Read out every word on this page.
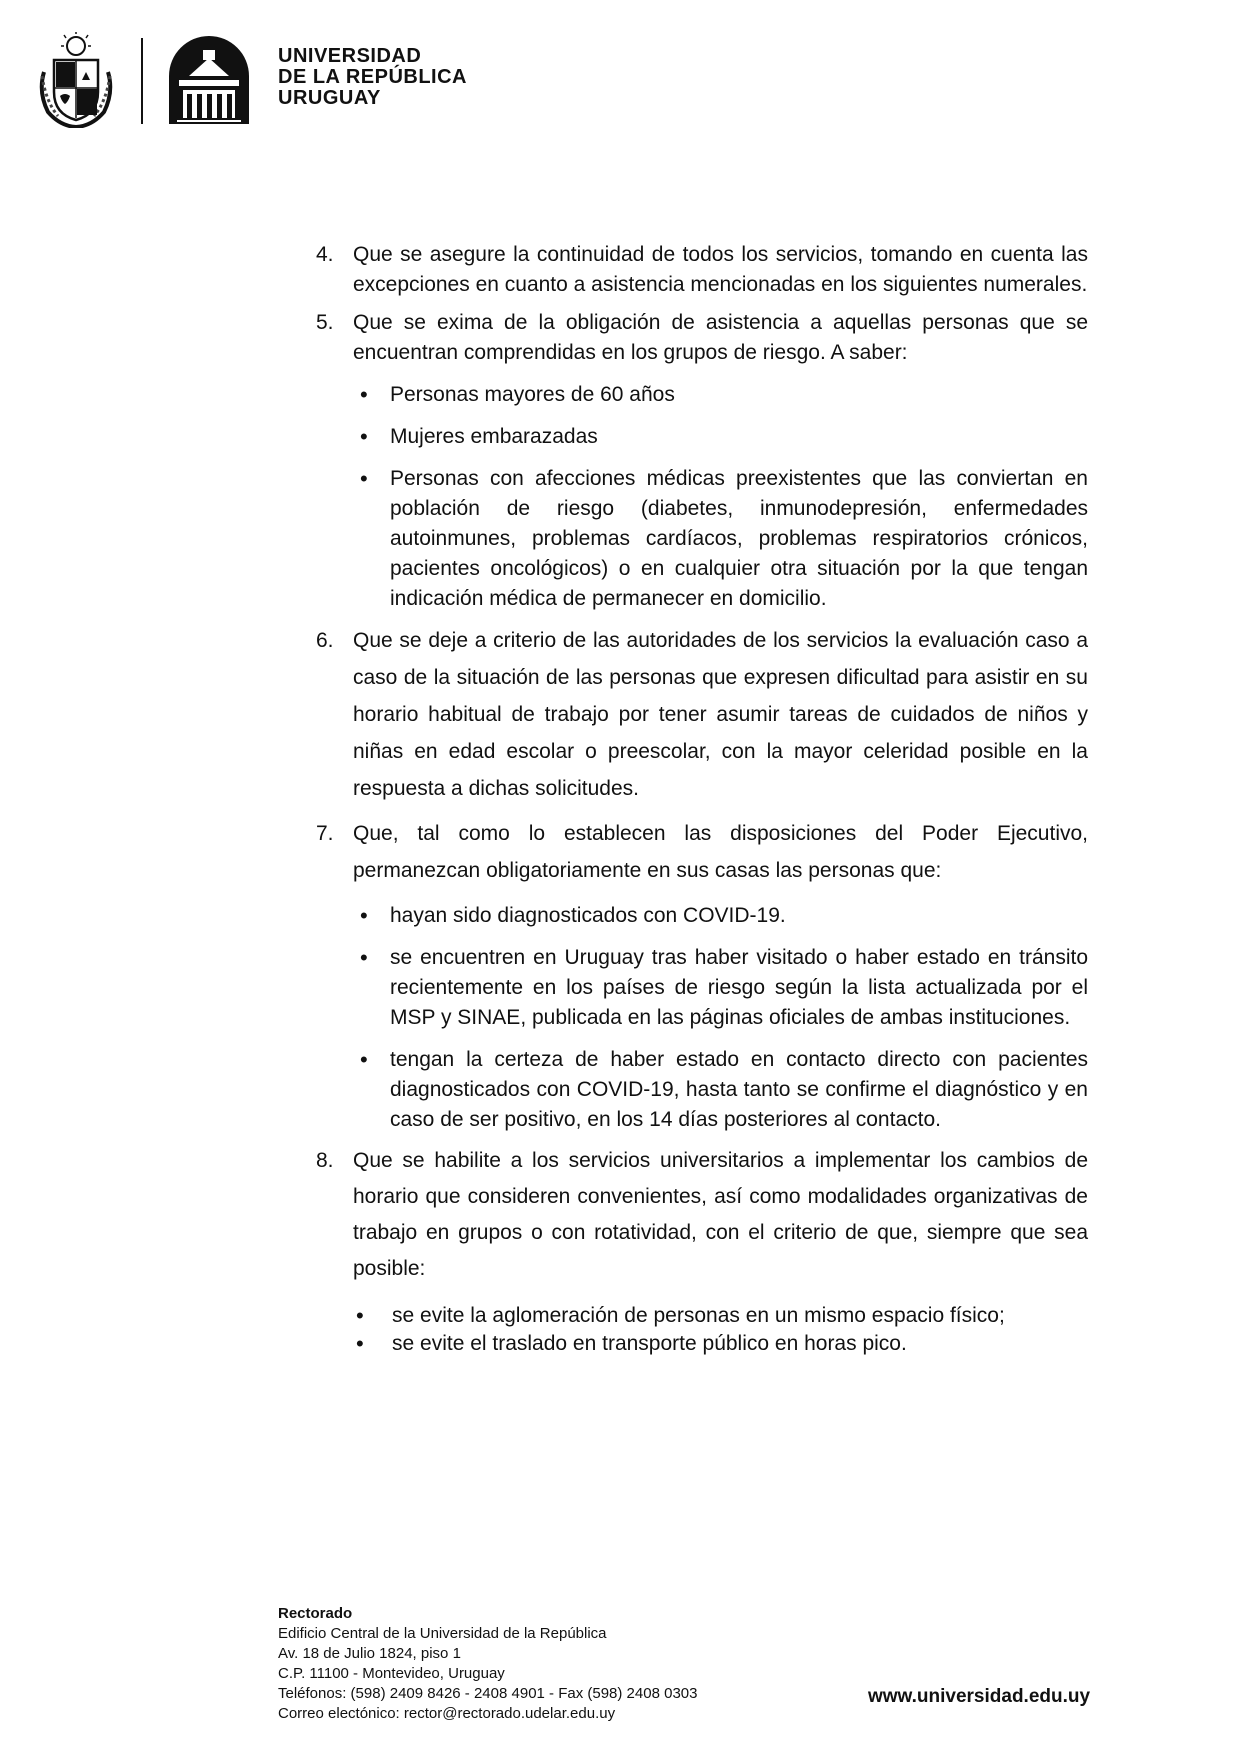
UNIVERSIDAD
DE LA REPÚBLICA
URUGUAY
4. Que se asegure la continuidad de todos los servicios, tomando en cuenta las excepciones en cuanto a asistencia mencionadas en los siguientes numerales.
5. Que se exima de la obligación de asistencia a aquellas personas que se encuentran comprendidas en los grupos de riesgo. A saber:
• Personas mayores de 60 años
• Mujeres embarazadas
• Personas con afecciones médicas preexistentes que las conviertan en población de riesgo (diabetes, inmunodepresión, enfermedades autoinmunes, problemas cardíacos, problemas respiratorios crónicos, pacientes oncológicos) o en cualquier otra situación por la que tengan indicación médica de permanecer en domicilio.
6. Que se deje a criterio de las autoridades de los servicios la evaluación caso a caso de la situación de las personas que expresen dificultad para asistir en su horario habitual de trabajo por tener asumir tareas de cuidados de niños y niñas en edad escolar o preescolar, con la mayor celeridad posible en la respuesta a dichas solicitudes.
7. Que, tal como lo establecen las disposiciones del Poder Ejecutivo, permanezcan obligatoriamente en sus casas las personas que:
• hayan sido diagnosticados con COVID-19.
• se encuentren en Uruguay tras haber visitado o haber estado en tránsito recientemente en los países de riesgo según la lista actualizada por el MSP y SINAE, publicada en las páginas oficiales de ambas instituciones.
• tengan la certeza de haber estado en contacto directo con pacientes diagnosticados con COVID-19, hasta tanto se confirme el diagnóstico y en caso de ser positivo, en los 14 días posteriores al contacto.
8. Que se habilite a los servicios universitarios a implementar los cambios de horario que consideren convenientes, así como modalidades organizativas de trabajo en grupos o con rotatividad, con el criterio de que, siempre que sea posible:
• se evite la aglomeración de personas en un mismo espacio físico;
• se evite el traslado en transporte público en horas pico.
Rectorado
Edificio Central de la Universidad de la República
Av. 18 de Julio 1824, piso 1
C.P. 11100 - Montevideo, Uruguay
Teléfonos: (598) 2409 8426 - 2408 4901 - Fax (598) 2408 0303
Correo electónico: rector@rectorado.udelar.edu.uy
www.universidad.edu.uy
